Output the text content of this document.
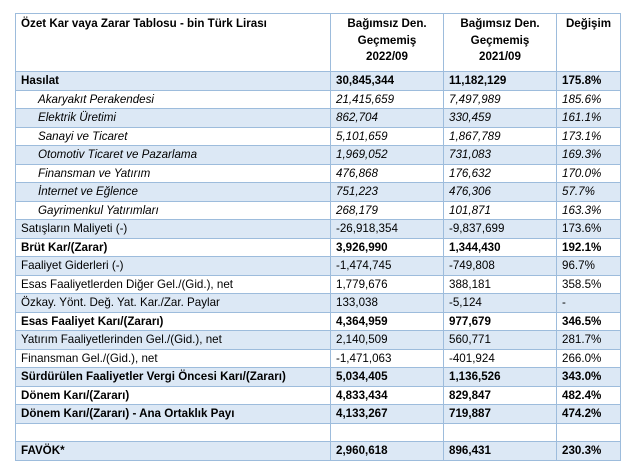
Özet Kar vaya Zarar Tablosu - bin Türk Lirası	Bağımsız Den.
Geçmemiş
2022/09	Bağımsız Den.
Geçmemiş
2021/09	Değişim
Hasılat	30,845,344	11,182,129	175.8%
Akaryakıt Perakendesi	21,415,659	7,497,989	185.6%
Elektrik Üretimi	862,704	330,459	161.1%
Sanayi ve Ticaret	5,101,659	1,867,789	173.1%
Otomotiv Ticaret ve Pazarlama	1,969,052	731,083	169.3%
Finansman ve Yatırım	476,868	176,632	170.0%
İnternet ve Eğlence	751,223	476,306	57.7%
Gayrimenkul Yatırımları	268,179	101,871	163.3%
Satışların Maliyeti (-)	-26,918,354	-9,837,699	173.6%
Brüt Kar/(Zarar)	3,926,990	1,344,430	192.1%
Faaliyet Giderleri (-)	-1,474,745	-749,808	96.7%
Esas Faaliyetlerden Diğer Gel./(Gid.), net	1,779,676	388,181	358.5%
Özkay. Yönt. Değ. Yat. Kar./Zar. Paylar	133,038	-5,124	-
Esas Faaliyet Karı/(Zararı)	4,364,959	977,679	346.5%
Yatırım Faaliyetlerinden Gel./(Gid.), net	2,140,509	560,771	281.7%
Finansman Gel./(Gid.), net	-1,471,063	-401,924	266.0%
Sürdürülen Faaliyetler Vergi Öncesi Karı/(Zararı)	5,034,405	1,136,526	343.0%
Dönem Karı/(Zararı)	4,833,434	829,847	482.4%
Dönem Karı/(Zararı) - Ana Ortaklık Payı	4,133,267	719,887	474.2%

FAVÖK*	2,960,618	896,431	230.3%
